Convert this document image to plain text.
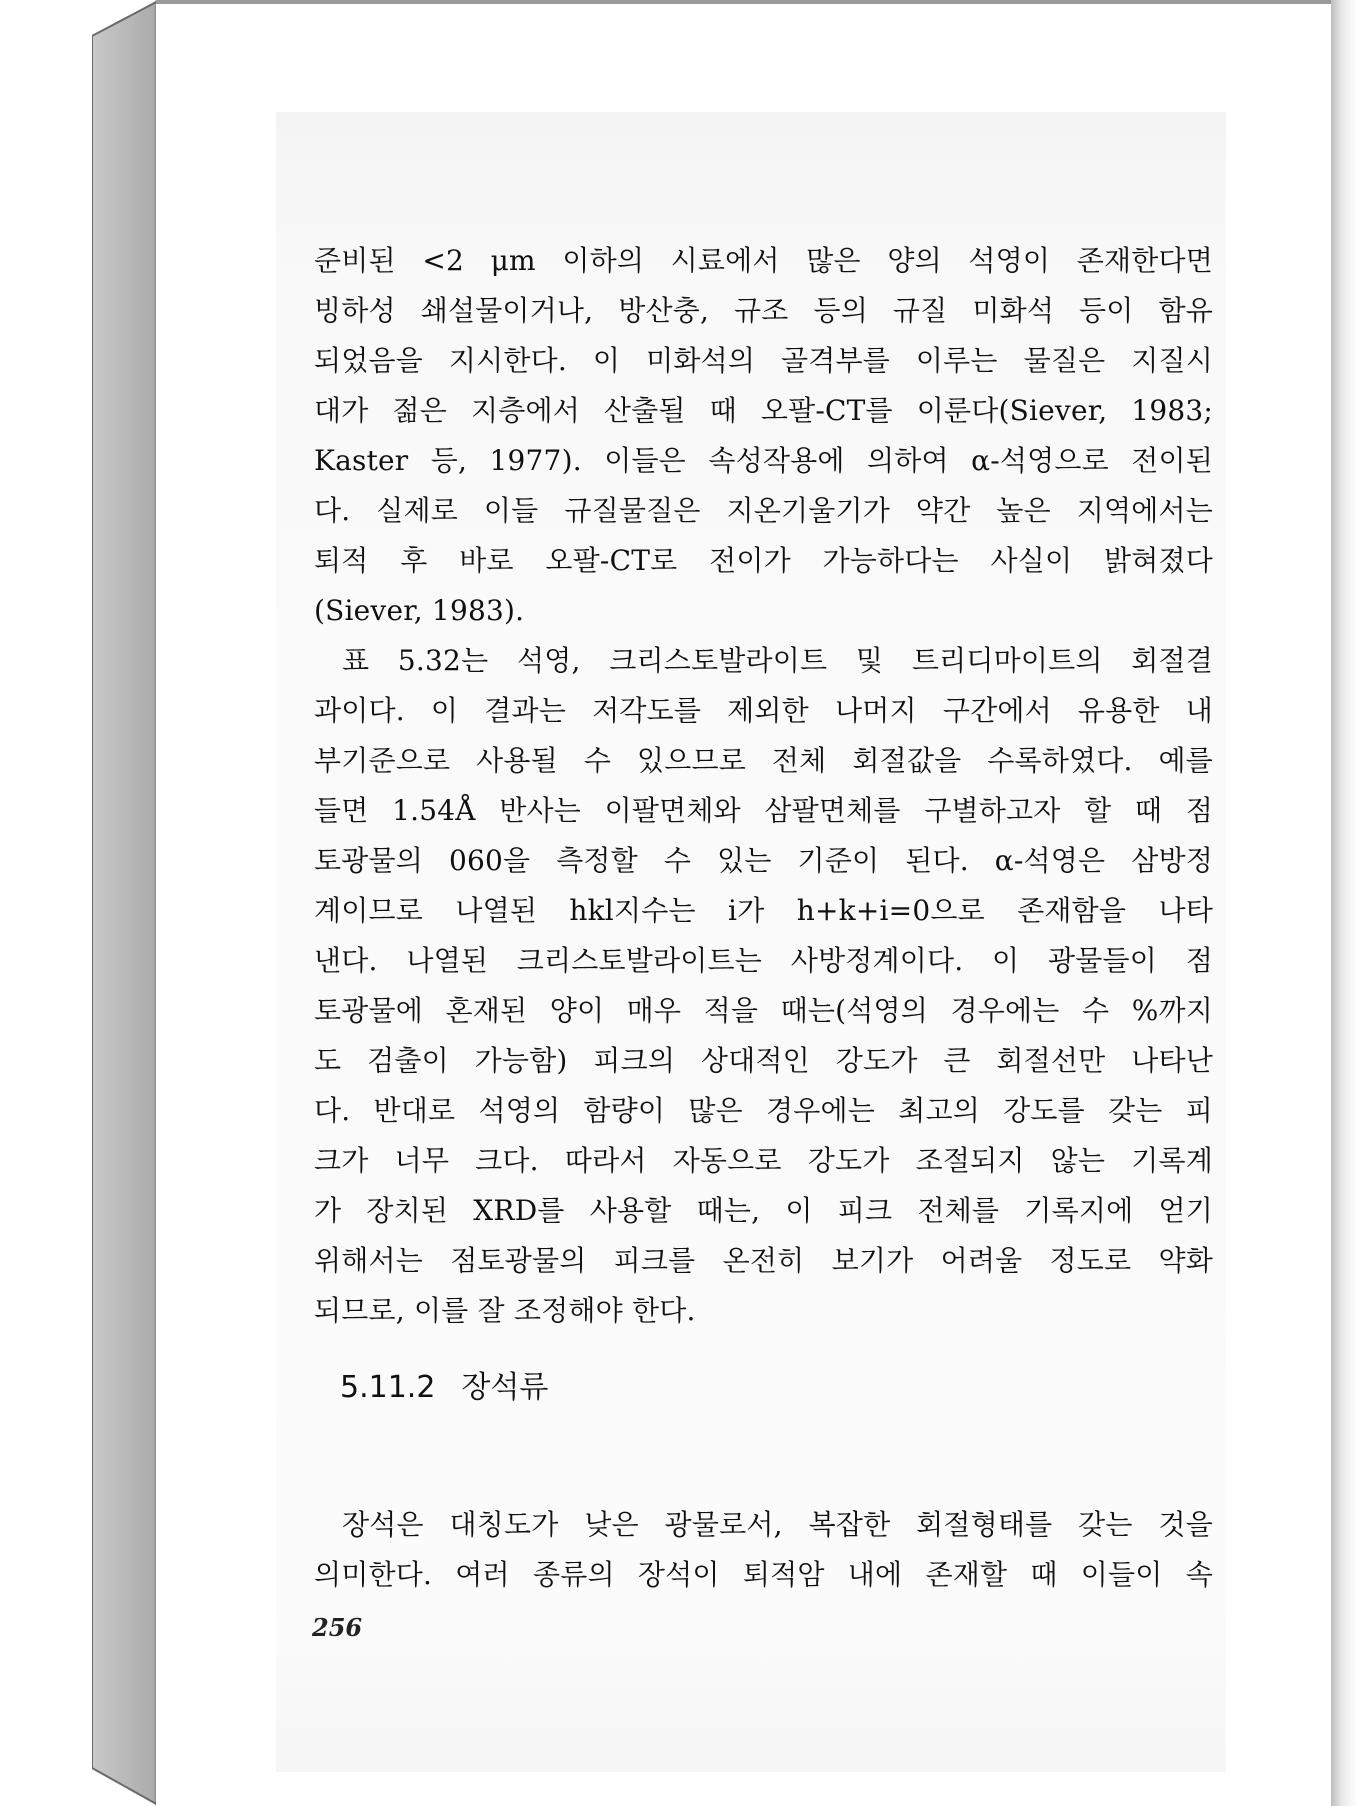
준비된 <2 μm 이하의 시료에서 많은 양의 석영이 존재한다면
빙하성 쇄설물이거나, 방산충, 규조 등의 규질 미화석 등이 함유
되었음을 지시한다. 이 미화석의 골격부를 이루는 물질은 지질시
대가 젊은 지층에서 산출될 때 오팔-CT를 이룬다(Siever, 1983;
Kaster 등, 1977). 이들은 속성작용에 의하여 α-석영으로 전이된
다. 실제로 이들 규질물질은 지온기울기가 약간 높은 지역에서는
퇴적 후 바로 오팔-CT로 전이가 가능하다는 사실이 밝혀졌다
(Siever, 1983).
표 5.32는 석영, 크리스토발라이트 및 트리디마이트의 회절결
과이다. 이 결과는 저각도를 제외한 나머지 구간에서 유용한 내
부기준으로 사용될 수 있으므로 전체 회절값을 수록하였다. 예를
들면 1.54Å 반사는 이팔면체와 삼팔면체를 구별하고자 할 때 점
토광물의 060을 측정할 수 있는 기준이 된다. α-석영은 삼방정
계이므로 나열된 hkl지수는 i가 h+k+i=0으로 존재함을 나타
낸다. 나열된 크리스토발라이트는 사방정계이다. 이 광물들이 점
토광물에 혼재된 양이 매우 적을 때는(석영의 경우에는 수 %까지
도 검출이 가능함) 피크의 상대적인 강도가 큰 회절선만 나타난
다. 반대로 석영의 함량이 많은 경우에는 최고의 강도를 갖는 피
크가 너무 크다. 따라서 자동으로 강도가 조절되지 않는 기록계
가 장치된 XRD를 사용할 때는, 이 피크 전체를 기록지에 얻기
위해서는 점토광물의 피크를 온전히 보기가 어려울 정도로 약화
되므로, 이를 잘 조정해야 한다.
5.11.2 장석류
장석은 대칭도가 낮은 광물로서, 복잡한 회절형태를 갖는 것을
의미한다. 여러 종류의 장석이 퇴적암 내에 존재할 때 이들이 속
256
